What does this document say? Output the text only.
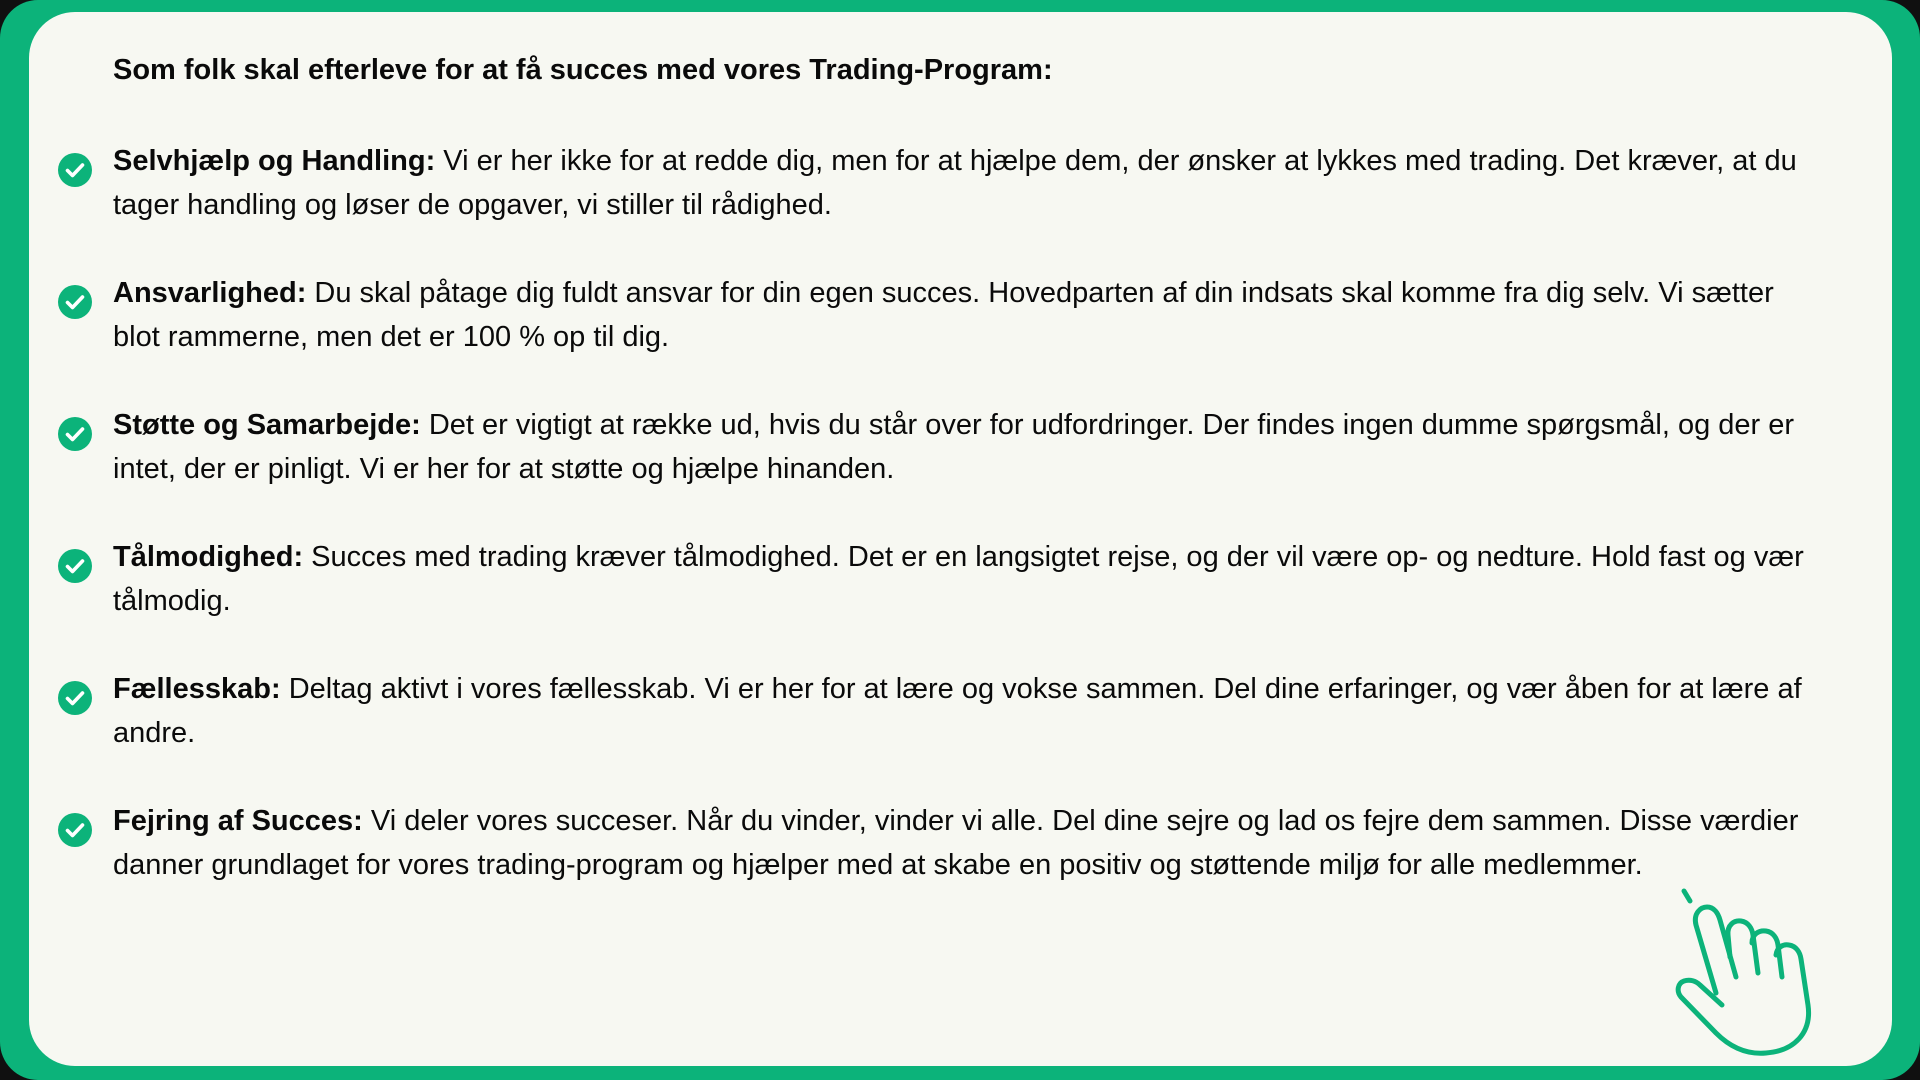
Som folk skal efterleve for at få succes med vores Trading-Program:
Selvhjælp og Handling: Vi er her ikke for at redde dig, men for at hjælpe dem, der ønsker at lykkes med trading. Det kræver, at du tager handling og løser de opgaver, vi stiller til rådighed.
Ansvarlighed: Du skal påtage dig fuldt ansvar for din egen succes. Hovedparten af din indsats skal komme fra dig selv. Vi sætter blot rammerne, men det er 100 % op til dig.
Støtte og Samarbejde: Det er vigtigt at række ud, hvis du står over for udfordringer. Der findes ingen dumme spørgsmål, og der er intet, der er pinligt. Vi er her for at støtte og hjælpe hinanden.
Tålmodighed: Succes med trading kræver tålmodighed. Det er en langsigtet rejse, og der vil være op- og nedture. Hold fast og vær tålmodig.
Fællesskab: Deltag aktivt i vores fællesskab. Vi er her for at lære og vokse sammen. Del dine erfaringer, og vær åben for at lære af andre.
Fejring af Succes: Vi deler vores succeser. Når du vinder, vinder vi alle. Del dine sejre og lad os fejre dem sammen. Disse værdier danner grundlaget for vores trading-program og hjælper med at skabe en positiv og støttende miljø for alle medlemmer.
